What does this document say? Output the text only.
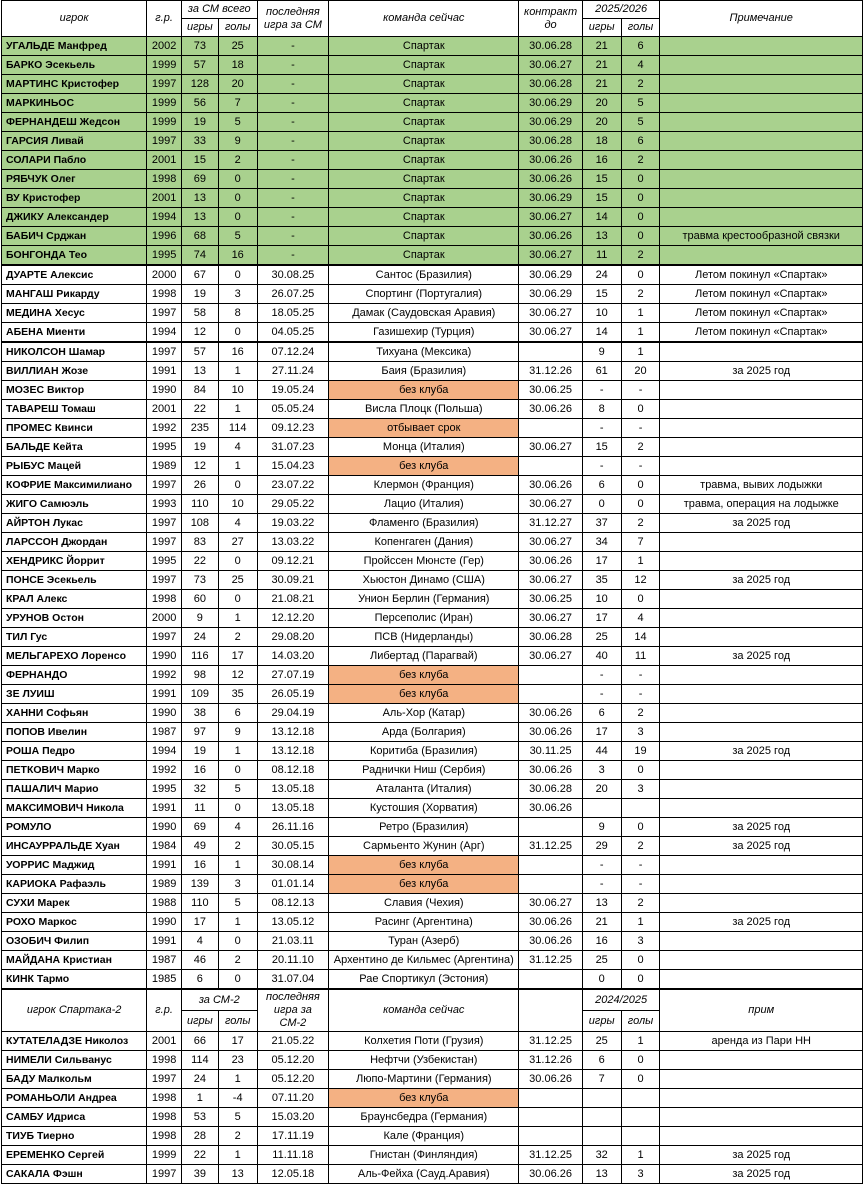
игрок	г.р.	за СМ всего		последняя игра за СМ	команда сейчас	контракт до	2025/2026		Примечание
		игры	голы				игры	голы	
УГАЛЬДЕ Манфред	2002	73	25	-	Спартак	30.06.28	21	6	
БАРКО Эсекьель	1999	57	18	-	Спартак	30.06.27	21	4	
МАРТИНС Кристофер	1997	128	20	-	Спартак	30.06.28	21	2	
МАРКИНЬОС	1999	56	7	-	Спартак	30.06.29	20	5	
ФЕРНАНДЕШ Жедсон	1999	19	5	-	Спартак	30.06.29	20	5	
ГАРСИЯ Ливай	1997	33	9	-	Спартак	30.06.28	18	6	
СОЛАРИ Пабло	2001	15	2	-	Спартак	30.06.26	16	2	
РЯБЧУК Олег	1998	69	0	-	Спартак	30.06.26	15	0	
ВУ Кристофер	2001	13	0	-	Спартак	30.06.29	15	0	
ДЖИКУ Александер	1994	13	0	-	Спартак	30.06.27	14	0	
БАБИЧ Срджан	1996	68	5	-	Спартак	30.06.26	13	0	травма крестообразной связки
БОНГОНДА Тео	1995	74	16	-	Спартак	30.06.27	11	2	
ДУАРТЕ Алексис	2000	67	0	30.08.25	Сантос (Бразилия)	30.06.29	24	0	Летом покинул «Спартак»
МАНГАШ Рикарду	1998	19	3	26.07.25	Спортинг (Португалия)	30.06.29	15	2	Летом покинул «Спартак»
МЕДИНА Хесус	1997	58	8	18.05.25	Дамак (Саудовская Аравия)	30.06.27	10	1	Летом покинул «Спартак»
АБЕНА Миенти	1994	12	0	04.05.25	Газишехир (Турция)	30.06.27	14	1	Летом покинул «Спартак»
НИКОЛСОН Шамар	1997	57	16	07.12.24	Тихуана (Мексика)		9	1	
ВИЛЛИАН Жозе	1991	13	1	27.11.24	Баия (Бразилия)	31.12.26	61	20	за 2025 год
МОЗЕС Виктор	1990	84	10	19.05.24	без клуба	30.06.25	-	-	
ТАВАРЕШ Томаш	2001	22	1	05.05.24	Висла Плоцк (Польша)	30.06.26	8	0	
ПРОМЕС Квинси	1992	235	114	09.12.23	отбывает срок		-	-	
БАЛЬДЕ Кейта	1995	19	4	31.07.23	Монца (Италия)	30.06.27	15	2	
РЫБУС Мацей	1989	12	1	15.04.23	без клуба		-	-	
КОФРИЕ Максимилиано	1997	26	0	23.07.22	Клермон (Франция)	30.06.26	6	0	травма, вывих лодыжки
ЖИГО Самюэль	1993	110	10	29.05.22	Лацио (Италия)	30.06.27	0	0	травма, операция на лодыжке
АЙРТОН Лукас	1997	108	4	19.03.22	Фламенго (Бразилия)	31.12.27	37	2	за 2025 год
ЛАРССОН Джордан	1997	83	27	13.03.22	Копенгаген (Дания)	30.06.27	34	7	
ХЕНДРИКС Йоррит	1995	22	0	09.12.21	Пройссен Мюнсте (Гер)	30.06.26	17	1	
ПОНСЕ Эсекьель	1997	73	25	30.09.21	Хьюстон Динамо (США)	30.06.27	35	12	за 2025 год
КРАЛ Алекс	1998	60	0	21.08.21	Унион Берлин (Германия)	30.06.25	10	0	
УРУНОВ Остон	2000	9	1	12.12.20	Персеполис (Иран)	30.06.27	17	4	
ТИЛ Гус	1997	24	2	29.08.20	ПСВ (Нидерланды)	30.06.28	25	14	
МЕЛЬГАРЕХО Лоренсо	1990	116	17	14.03.20	Либертад (Парагвай)	30.06.27	40	11	за 2025 год
ФЕРНАНДО	1992	98	12	27.07.19	без клуба		-	-	
ЗЕ ЛУИШ	1991	109	35	26.05.19	без клуба		-	-	
ХАННИ Софьян	1990	38	6	29.04.19	Аль-Хор (Катар)	30.06.26	6	2	
ПОПОВ Ивелин	1987	97	9	13.12.18	Арда (Болгария)	30.06.26	17	3	
РОША Педро	1994	19	1	13.12.18	Коритиба (Бразилия)	30.11.25	44	19	за 2025 год
ПЕТКОВИЧ Марко	1992	16	0	08.12.18	Раднички Ниш (Сербия)	30.06.26	3	0	
ПАШАЛИЧ Марио	1995	32	5	13.05.18	Аталанта (Италия)	30.06.28	20	3	
МАКСИМОВИЧ Никола	1991	11	0	13.05.18	Кустошия (Хорватия)	30.06.26			
РОМУЛО	1990	69	4	26.11.16	Ретро (Бразилия)		9	0	за 2025 год
ИНСАУРРАЛЬДЕ Хуан	1984	49	2	30.05.15	Сармьенто Жунин (Арг)	31.12.25	29	2	за 2025 год
УОРРИС Маджид	1991	16	1	30.08.14	без клуба		-	-	
КАРИОКА Рафаэль	1989	139	3	01.01.14	без клуба		-	-	
СУХИ Марек	1988	110	5	08.12.13	Славия (Чехия)	30.06.27	13	2	
РОХО Маркос	1990	17	1	13.05.12	Расинг (Аргентина)	30.06.26	21	1	за 2025 год
ОЗОБИЧ Филип	1991	4	0	21.03.11	Туран (Азерб)	30.06.26	16	3	
МАЙДАНА Кристиан	1987	46	2	20.11.10	Архентино де Кильмес (Аргентина)	31.12.25	25	0	
КИНК Тармо	1985	6	0	31.07.04	Рае Спортикул (Эстония)		0	0	
игрок Спартака-2	г.р.	за СМ-2		последняя игра за СМ-2	команда сейчас		2024/2025		прим
		игры	голы				игры	голы	
КУТАТЕЛАДЗЕ Николоз	2001	66	17	21.05.22	Колхетия Поти (Грузия)	31.12.25	25	1	аренда из Пари НН
НИМЕЛИ Сильванус	1998	114	23	05.12.20	Нефтчи (Узбекистан)	31.12.26	6	0	
БАДУ Малкольм	1997	24	1	05.12.20	Люпо-Мартини (Германия)	30.06.26	7	0	
РОМАНЬОЛИ Андреа	1998	1	-4	07.11.20	без клуба				
САМБУ Идриса	1998	53	5	15.03.20	Браунсбедра (Германия)				
ТИУБ Тиерно	1998	28	2	17.11.19	Кале (Франция)				
ЕРЕМЕНКО Сергей	1999	22	1	11.11.18	Гнистан (Финляндия)	31.12.25	32	1	за 2025 год
САКАЛА Фэшн	1997	39	13	12.05.18	Аль-Фейха (Сауд.Аравия)	30.06.26	13	3	за 2025 год
